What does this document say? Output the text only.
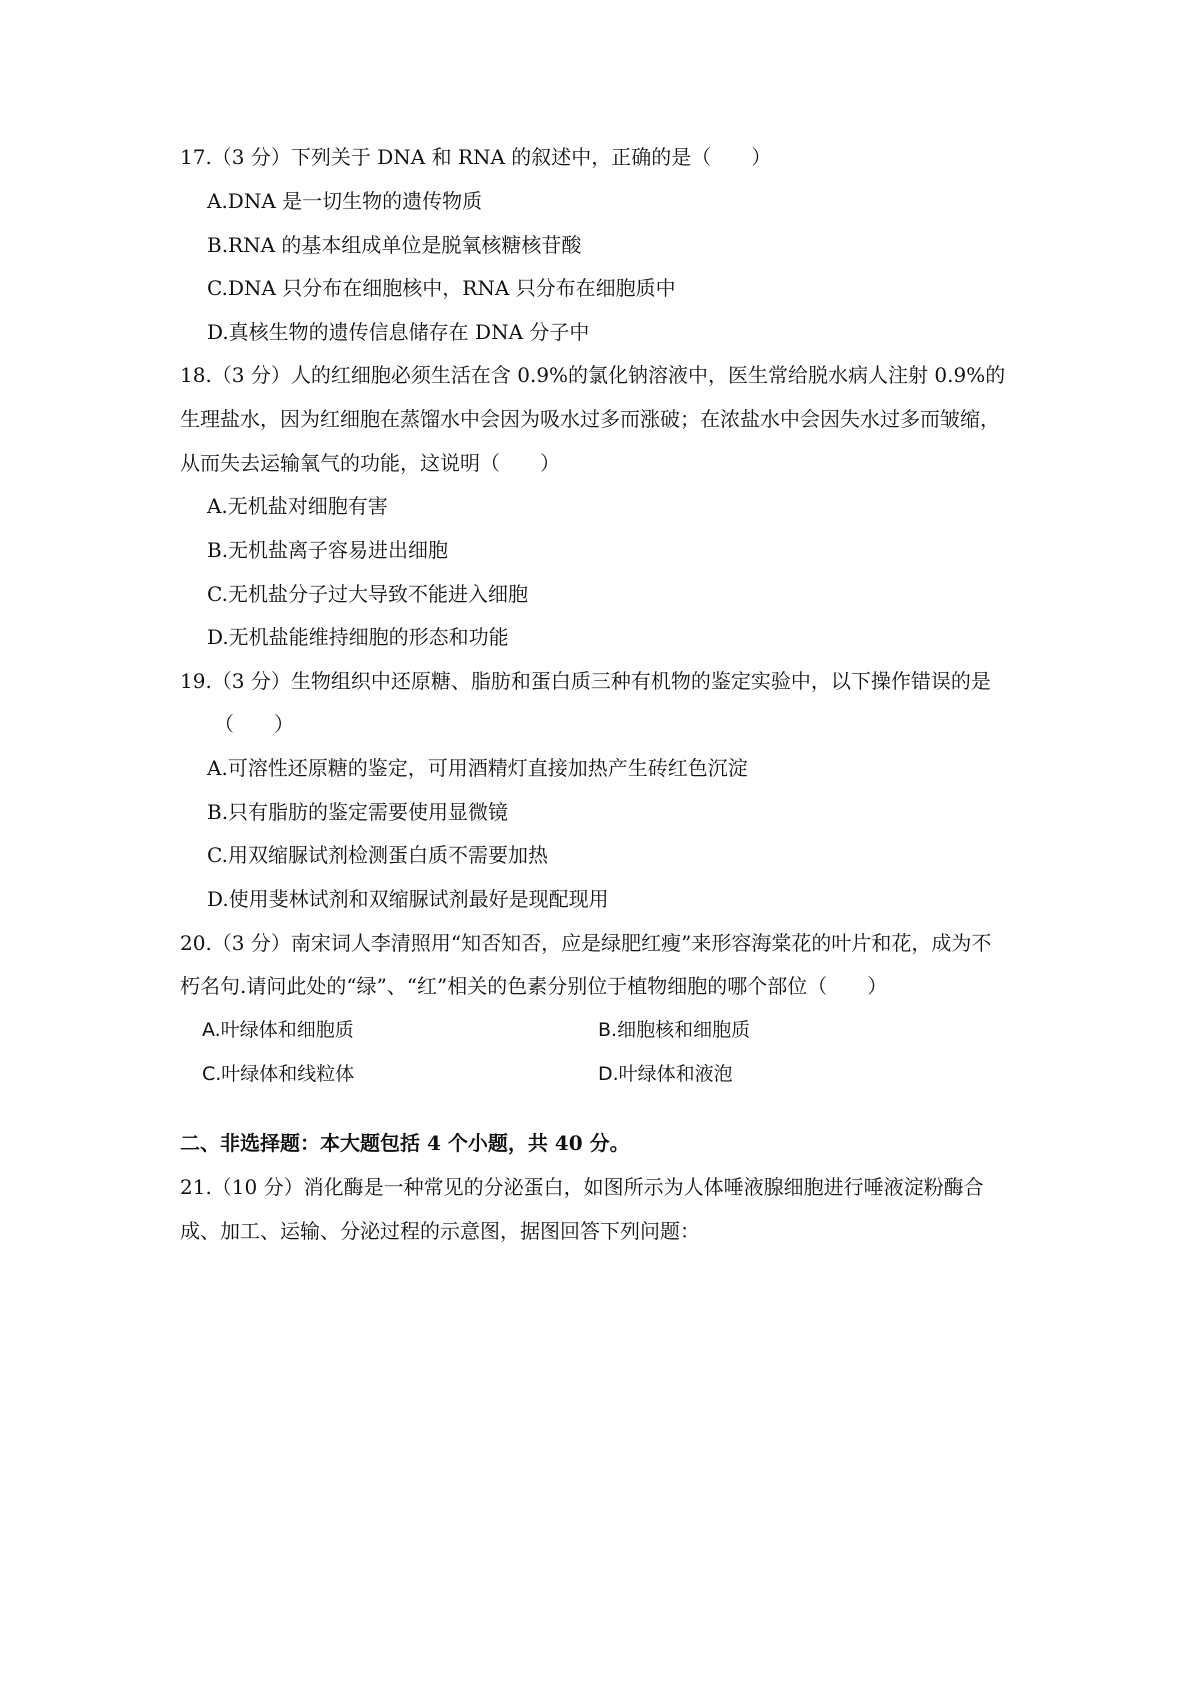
17.（3 分）下列关于 DNA 和 RNA 的叙述中，正确的是（　　）
A.DNA 是一切生物的遗传物质
B.RNA 的基本组成单位是脱氧核糖核苷酸
C.DNA 只分布在细胞核中，RNA 只分布在细胞质中
D.真核生物的遗传信息储存在 DNA 分子中
18.（3 分）人的红细胞必须生活在含 0.9%的氯化钠溶液中，医生常给脱水病人注射 0.9%的
生理盐水，因为红细胞在蒸馏水中会因为吸水过多而涨破；在浓盐水中会因失水过多而皱缩，
从而失去运输氧气的功能，这说明（　　）
A.无机盐对细胞有害
B.无机盐离子容易进出细胞
C.无机盐分子过大导致不能进入细胞
D.无机盐能维持细胞的形态和功能
19.（3 分）生物组织中还原糖、脂肪和蛋白质三种有机物的鉴定实验中，以下操作错误的是
（　　）
A.可溶性还原糖的鉴定，可用酒精灯直接加热产生砖红色沉淀
B.只有脂肪的鉴定需要使用显微镜
C.用双缩脲试剂检测蛋白质不需要加热
D.使用斐林试剂和双缩脲试剂最好是现配现用
20.（3 分）南宋词人李清照用“知否知否，应是绿肥红瘦”来形容海棠花的叶片和花，成为不
朽名句.请问此处的“绿”、“红”相关的色素分别位于植物细胞的哪个部位（　　）
A.叶绿体和细胞质	B.细胞核和细胞质
C.叶绿体和线粒体	D.叶绿体和液泡
二、非选择题：本大题包括 4 个小题，共 40 分。
21.（10 分）消化酶是一种常见的分泌蛋白，如图所示为人体唾液腺细胞进行唾液淀粉酶合
成、加工、运输、分泌过程的示意图，据图回答下列问题：
